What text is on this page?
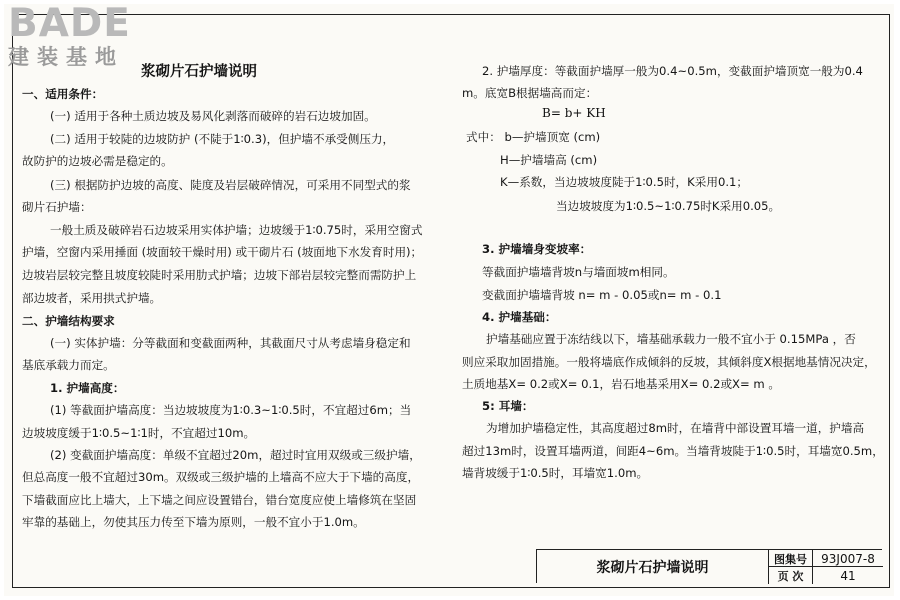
BADE
建装基地
浆砌片石护墙说明
一、适用条件：
(一) 适用于各种土质边坡及易风化剥落而破碎的岩石边坡加固。
(二) 适用于较陡的边坡防护 (不陡于1∶0.3)，但护墙不承受侧压力，
故防护的边坡必需是稳定的。
(三) 根据防护边坡的高度、陡度及岩层破碎情况，可采用不同型式的浆
砌片石护墙：
一般土质及破碎岩石边坡采用实体护墙；边坡缓于1∶0.75时，采用空窗式
护墙，空窗内采用捶面 (坡面较干燥时用) 或干砌片石 (坡面地下水发育时用)；
边坡岩层较完整且坡度较陡时采用肋式护墙；边坡下部岩层较完整而需防护上
部边坡者，采用拱式护墙。
二、护墙结构要求
(一) 实体护墙：分等截面和变截面两种，其截面尺寸从考虑墙身稳定和
基底承载力而定。
1. 护墙高度：
(1) 等截面护墙高度：当边坡坡度为1∶0.3~1∶0.5时，不宜超过6m；当
边坡坡度缓于1∶0.5~1∶1时，不宜超过10m。
(2) 变截面护墙高度：单级不宜超过20m，超过时宜用双级或三级护墙，
但总高度一般不宜超过30m。双级或三级护墙的上墙高不应大于下墙的高度，
下墙截面应比上墙大，上下墙之间应设置错台，错台宽度应使上墙修筑在坚固
牢靠的基础上，勿使其压力传至下墙为原则，一般不宜小于1.0m。
2. 护墙厚度：等截面护墙厚一般为0.4~0.5m，变截面护墙顶宽一般为0.4
m。底宽B根据墙高而定：
B= b+ KH
式中： b—护墙顶宽 (cm)
H—护墙墙高 (cm)
K—系数，当边坡坡度陡于1∶0.5时，K采用0.1；
当边坡坡度为1∶0.5~1∶0.75时K采用0.05。
3. 护墙墙身变坡率：
等截面护墙墙背坡n与墙面坡m相同。
变截面护墙墙背坡 n= m - 0.05或n= m - 0.1
4. 护墙基础：
护墙基础应置于冻结线以下，墙基础承载力一般不宜小于 0.15MPa ，否
则应采取加固措施。一般将墙底作成倾斜的反坡，其倾斜度X根据地基情况决定，
土质地基X= 0.2或X= 0.1，岩石地基采用X= 0.2或X= m 。
5: 耳墙：
为增加护墙稳定性，其高度超过8m时，在墙背中部设置耳墙一道，护墙高
超过13m时，设置耳墙两道，间距4~6m。当墙背坡陡于1∶0.5时，耳墙宽0.5m，
墙背坡缓于1∶0.5时，耳墙宽1.0m。
浆砌片石护墙说明
图集号	93J007-8
页 次	41
